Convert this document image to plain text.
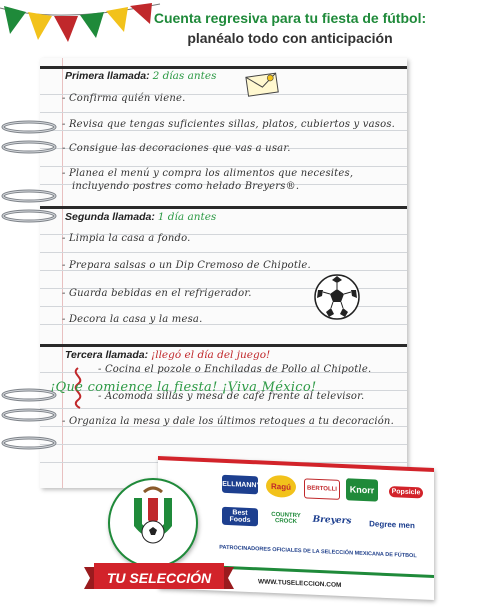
Cuenta regresiva para tu fiesta de fútbol:
planéalo todo con anticipación
Primera llamada: 2 días antes
- Confirma quién viene.
- Revisa que tengas suficientes sillas, platos, cubiertos y vasos.
- Consigue las decoraciones que vas a usar.
- Planea el menú y compra los alimentos que necesites,
incluyendo postres como helado Breyers®.
Segunda llamada: 1 día antes
- Limpia la casa a fondo.
- Prepara salsas o un Dip Cremoso de Chipotle.
- Guarda bebidas en el refrigerador.
- Decora la casa y la mesa.
Tercera llamada: ¡llegó el día del juego!
- Cocina el pozole o Enchiladas de Pollo al Chipotle.
- Acomoda sillas y mesa de café frente al televisor.
- Organiza la mesa y dale los últimos retoques a tu decoración.
¡Que comience la fiesta! ¡Viva México!
HELLMANN'S	Ragú	BERTOLLI	Knorr	Popsicle
Best Foods
COUNTRY CROCK	Breyers	Degree men
PATROCINADORES OFICIALES DE LA SELECCIÓN MEXICANA DE FÚTBOL
WWW.TUSELECCION.COM
TU SELECCIÓN
